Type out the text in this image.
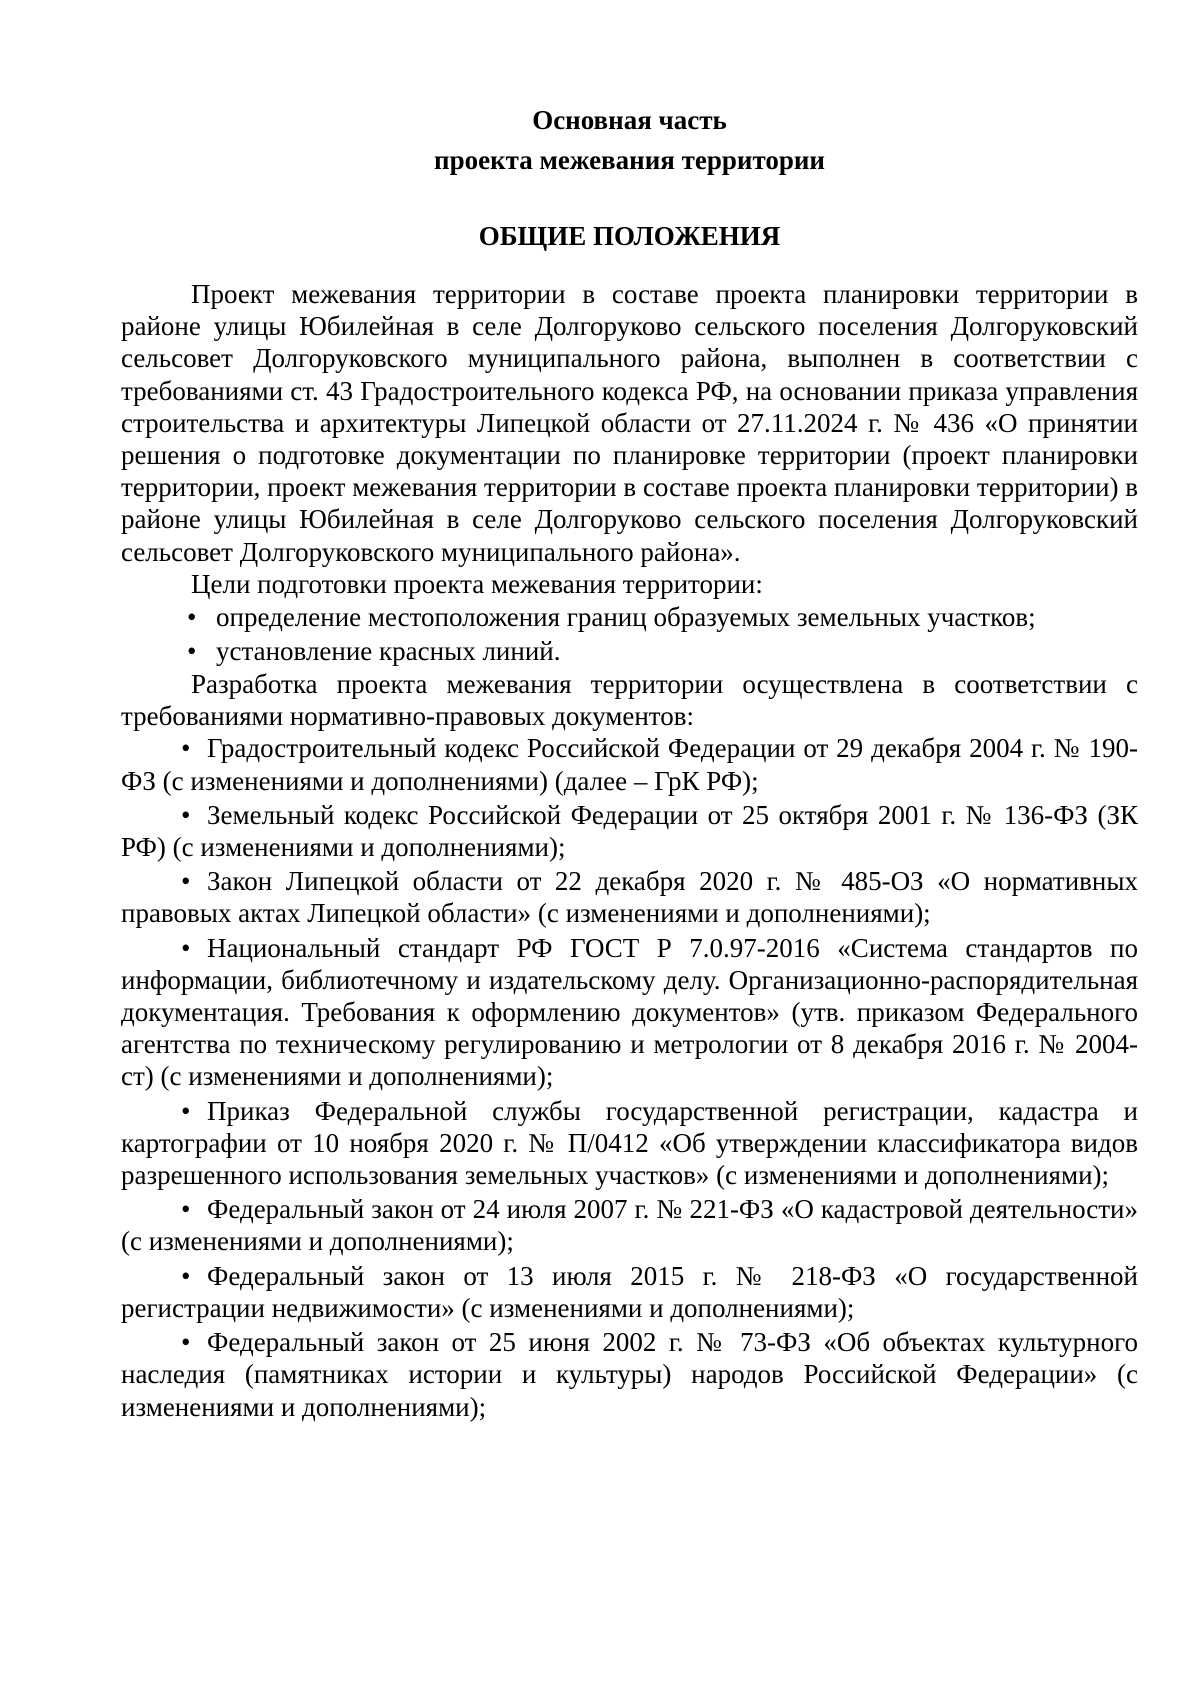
Основная часть

проекта межевания территории

ОБЩИЕ ПОЛОЖЕНИЯ

Проект межевания территории в составе проекта планировки территории в районе улицы Юбилейная в селе Долгоруково сельского поселения Долгоруковский сельсовет Долгоруковского муниципального района, выполнен в соответствии с требованиями ст. 43 Градостроительного кодекса РФ, на основании приказа управления строительства и архитектуры Липецкой области от 27.11.2024 г. № 436 «О принятии решения о подготовке документации по планировке территории (проект планировки территории, проект межевания территории в составе проекта планировки территории) в районе улицы Юбилейная в селе Долгоруково сельского поселения Долгоруковский сельсовет Долгоруковского муниципального района».

Цели подготовки проекта межевания территории:

• определение местоположения границ образуемых земельных участков;
• установление красных линий.

Разработка проекта межевания территории осуществлена в соответствии с требованиями нормативно-правовых документов:

• Градостроительный кодекс Российской Федерации от 29 декабря 2004 г. № 190-ФЗ (с изменениями и дополнениями) (далее – ГрК РФ);
• Земельный кодекс Российской Федерации от 25 октября 2001 г. № 136-ФЗ (ЗК РФ) (с изменениями и дополнениями);
• Закон Липецкой области от 22 декабря 2020 г. № 485-ОЗ «О нормативных правовых актах Липецкой области» (с изменениями и дополнениями);
• Национальный стандарт РФ ГОСТ Р 7.0.97-2016 «Система стандартов по информации, библиотечному и издательскому делу. Организационно-распорядительная документация. Требования к оформлению документов» (утв. приказом Федерального агентства по техническому регулированию и метрологии от 8 декабря 2016 г. № 2004-ст) (с изменениями и дополнениями);
• Приказ Федеральной службы государственной регистрации, кадастра и картографии от 10 ноября 2020 г. № П/0412 «Об утверждении классификатора видов разрешенного использования земельных участков» (с изменениями и дополнениями);
• Федеральный закон от 24 июля 2007 г. № 221-ФЗ «О кадастровой деятельности» (с изменениями и дополнениями);
• Федеральный закон от 13 июля 2015 г. № 218-ФЗ «О государственной регистрации недвижимости» (с изменениями и дополнениями);
• Федеральный закон от 25 июня 2002 г. № 73-ФЗ «Об объектах культурного наследия (памятниках истории и культуры) народов Российской Федерации» (с изменениями и дополнениями);
